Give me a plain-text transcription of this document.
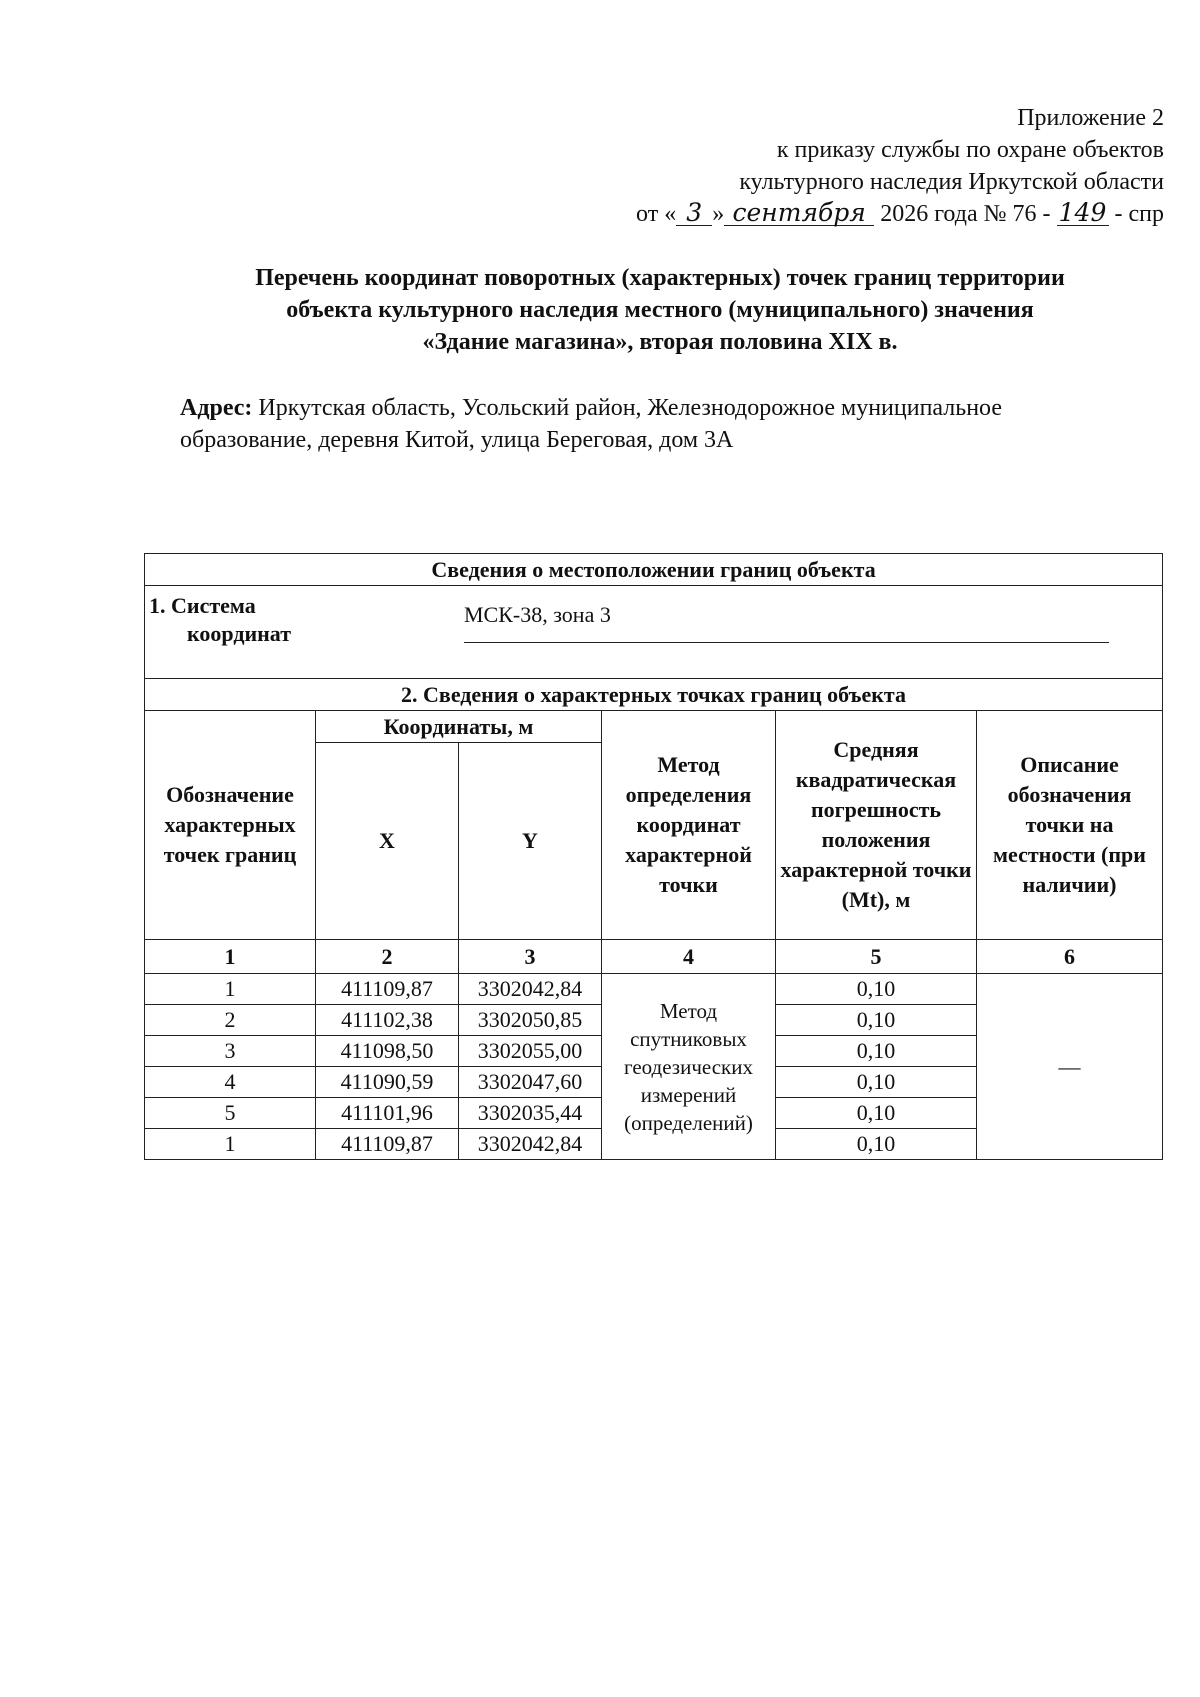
Приложение 2
к приказу службы по охране объектов
культурного наследия Иркутской области
от « 3 » сентября 2026 года № 76 - 149 - спр
Перечень координат поворотных (характерных) точек границ территории
объекта культурного наследия местного (муниципального) значения
«Здание магазина», вторая половина XIX в.
Адрес: Иркутская область, Усольский район, Железнодорожное муниципальное
образование, деревня Китой, улица Береговая, дом 3А
Сведения о местоположении границ объекта					

1. Система
координат
МСК-38, зона 3					

2. Сведения о характерных точках границ объекта					
Обозначение характерных точек границ	Координаты, м		Метод определения координат характерной точки	Средняя квадратическая погрешность положения характерной точки (Mt), м	Описание обозначения точки на местности (при наличии)
	X	Y			
1	2	3	4	5	6
1	411109,87	3302042,84	Метод спутниковых геодезических измерений (определений)	0,10	—
2	411102,38	3302050,85		0,10	
3	411098,50	3302055,00		0,10	
4	411090,59	3302047,60		0,10	
5	411101,96	3302035,44		0,10	
1	411109,87	3302042,84		0,10	
